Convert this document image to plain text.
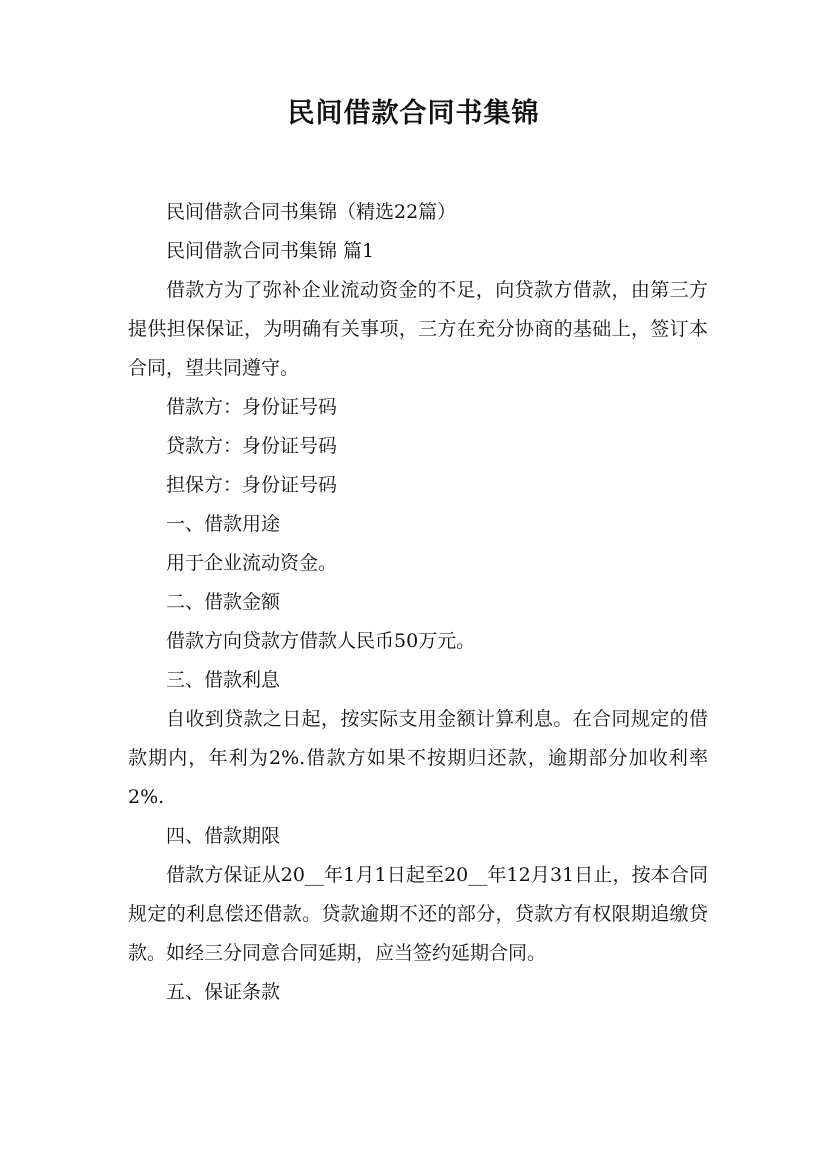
民间借款合同书集锦

民间借款合同书集锦（精选22篇）

民间借款合同书集锦 篇1

借款方为了弥补企业流动资金的不足，向贷款方借款，由第三方提供担保保证，为明确有关事项，三方在充分协商的基础上，签订本合同，望共同遵守。

借款方：身份证号码

贷款方：身份证号码

担保方：身份证号码

一、借款用途

用于企业流动资金。

二、借款金额

借款方向贷款方借款人民币50万元。

三、借款利息

自收到贷款之日起，按实际支用金额计算利息。在合同规定的借款期内，年利为2%.借款方如果不按期归还款，逾期部分加收利率2%.

四、借款期限

借款方保证从20__年1月1日起至20__年12月31日止，按本合同规定的利息偿还借款。贷款逾期不还的部分，贷款方有权限期追缴贷款。如经三分同意合同延期，应当签约延期合同。

五、保证条款
